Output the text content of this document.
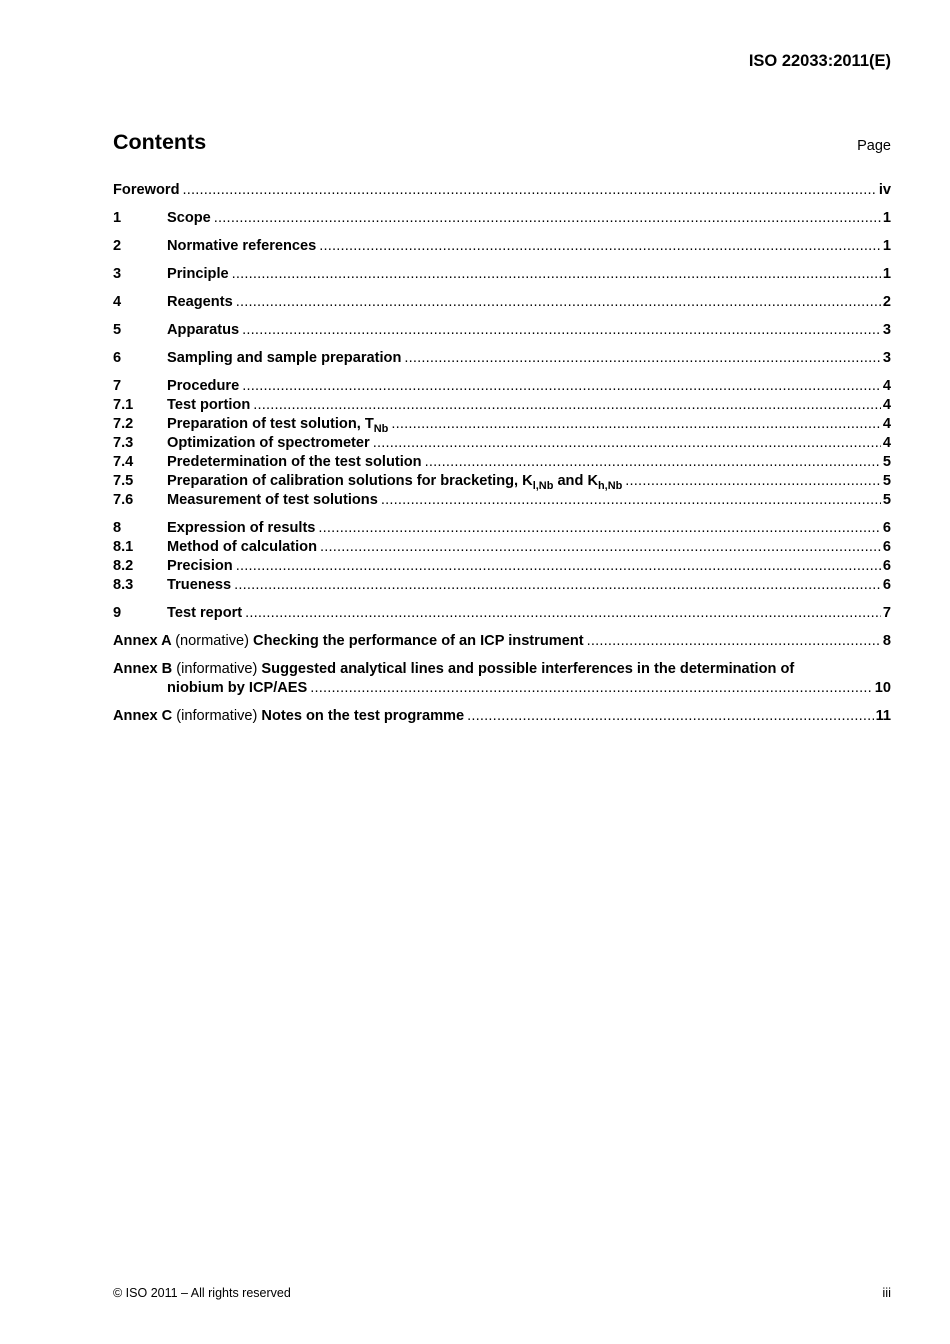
ISO 22033:2011(E)
Contents	Page
Foreword .....	iv
1	Scope .....	1
2	Normative references .....	1
3	Principle .....	1
4	Reagents .....	2
5	Apparatus .....	3
6	Sampling and sample preparation .....	3
7	Procedure .....	4
7.1	Test portion .....	4
7.2	Preparation of test solution, $T_{Nb}$ .....	4
7.3	Optimization of spectrometer .....	4
7.4	Predetermination of the test solution .....	5
7.5	Preparation of calibration solutions for bracketing, $K_{l,Nb}$ and $K_{h,Nb}$ .....	5
7.6	Measurement of test solutions .....	5
8	Expression of results .....	6
8.1	Method of calculation .....	6
8.2	Precision .....	6
8.3	Trueness .....	6
9	Test report .....	7
Annex A (normative) Checking the performance of an ICP instrument .....	8
Annex B (informative) Suggested analytical lines and possible interferences in the determination of
niobium by ICP/AES .....	10
Annex C (informative) Notes on the test programme .....	11
© ISO 2011 – All rights reserved	iii
